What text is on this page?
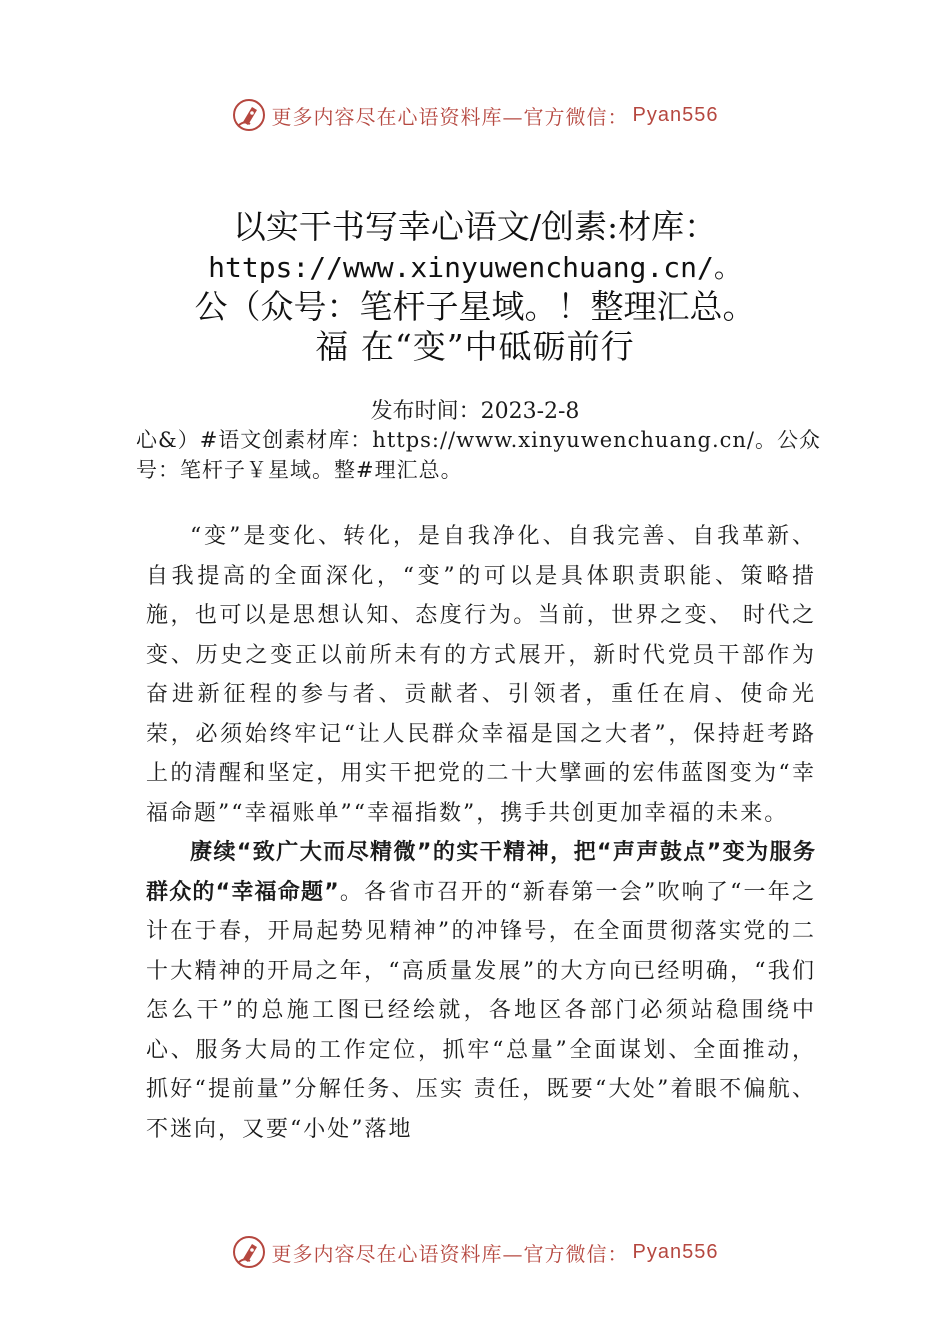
更多内容尽在心语资料库—官方微信： Pyan556
以实干书写幸心语文/创素:材库：
https://www.xinyuwenchuang.cn/。
公（众号：笔杆子星域。！整理汇总。
福 在“变”中砥砺前行
发布时间：2023-2-8
心&）#语文创素材库：https://www.xinyuwenchuang.cn/。公众号：笔杆子￥星域。整#理汇总。

“变”是变化、转化，是自我净化、自我完善、自我革新、自我提高的全面深化，“变”的可以是具体职责职能、策略措施，也可以是思想认知、态度行为。当前，世界之变、 时代之变、历史之变正以前所未有的方式展开，新时代党员干部作为奋进新征程的参与者、贡献者、引领者，重任在肩、使命光荣，必须始终牢记“让人民群众幸福是国之大者”，保持赶考路上的清醒和坚定，用实干把党的二十大擘画的宏伟蓝图变为“幸福命题”“幸福账单”“幸福指数”，携手共创更加幸福的未来。

赓续“致广大而尽精微”的实干精神，把“声声鼓点”变为服务群众的“幸福命题”。各省市召开的“新春第一会”吹响了“一年之计在于春，开局起势见精神”的冲锋号，在全面贯彻落实党的二十大精神的开局之年，“高质量发展”的大方向已经明确，“我们怎么干”的总施工图已经绘就，各地区各部门必须站稳围绕中心、服务大局的工作定位，抓牢“总量”全面谋划、全面推动，抓好“提前量”分解任务、压实 责任，既要“大处”着眼不偏航、不迷向，又要“小处”落地

更多内容尽在心语资料库—官方微信： Pyan556
